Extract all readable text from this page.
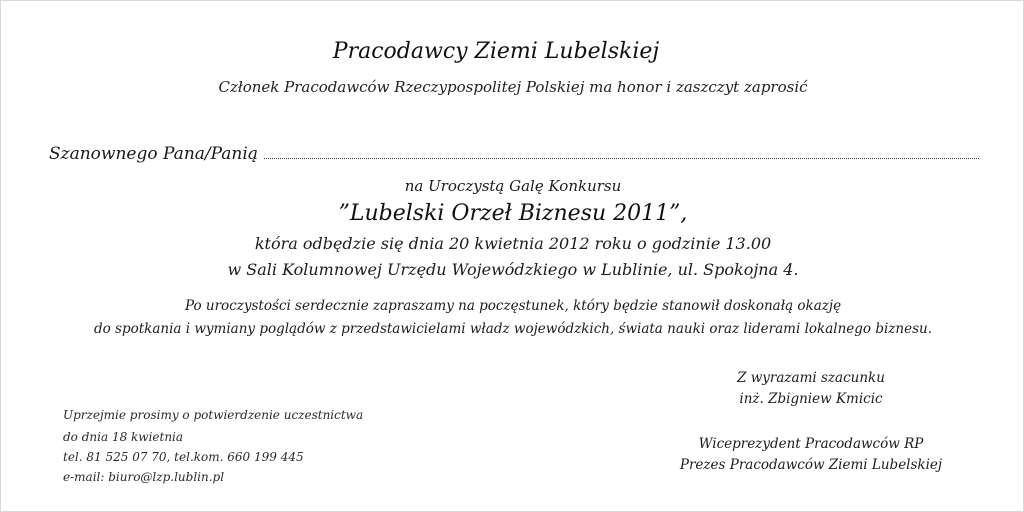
Pracodawcy Ziemi Lubelskiej
Członek Pracodawców Rzeczypospolitej Polskiej ma honor i zaszczyt zaprosić
Szanownego Pana/Panią
na Uroczystą Galę Konkursu
”Lubelski Orzeł Biznesu 2011”,
która odbędzie się dnia 20 kwietnia 2012 roku o godzinie 13.00
w Sali Kolumnowej Urzędu Wojewódzkiego w Lublinie, ul. Spokojna 4.
Po uroczystości serdecznie zapraszamy na poczęstunek, który będzie stanowił doskonałą okazję
do spotkania i wymiany poglądów z przedstawicielami władz wojewódzkich, świata nauki oraz liderami lokalnego biznesu.
Z wyrazami szacunku
inż. Zbigniew Kmicic
Wiceprezydent Pracodawców RP
Prezes Pracodawców Ziemi Lubelskiej
Uprzejmie prosimy o potwierdzenie uczestnictwa
do dnia 18 kwietnia
tel. 81 525 07 70, tel.kom. 660 199 445
e-mail: biuro@lzp.lublin.pl
